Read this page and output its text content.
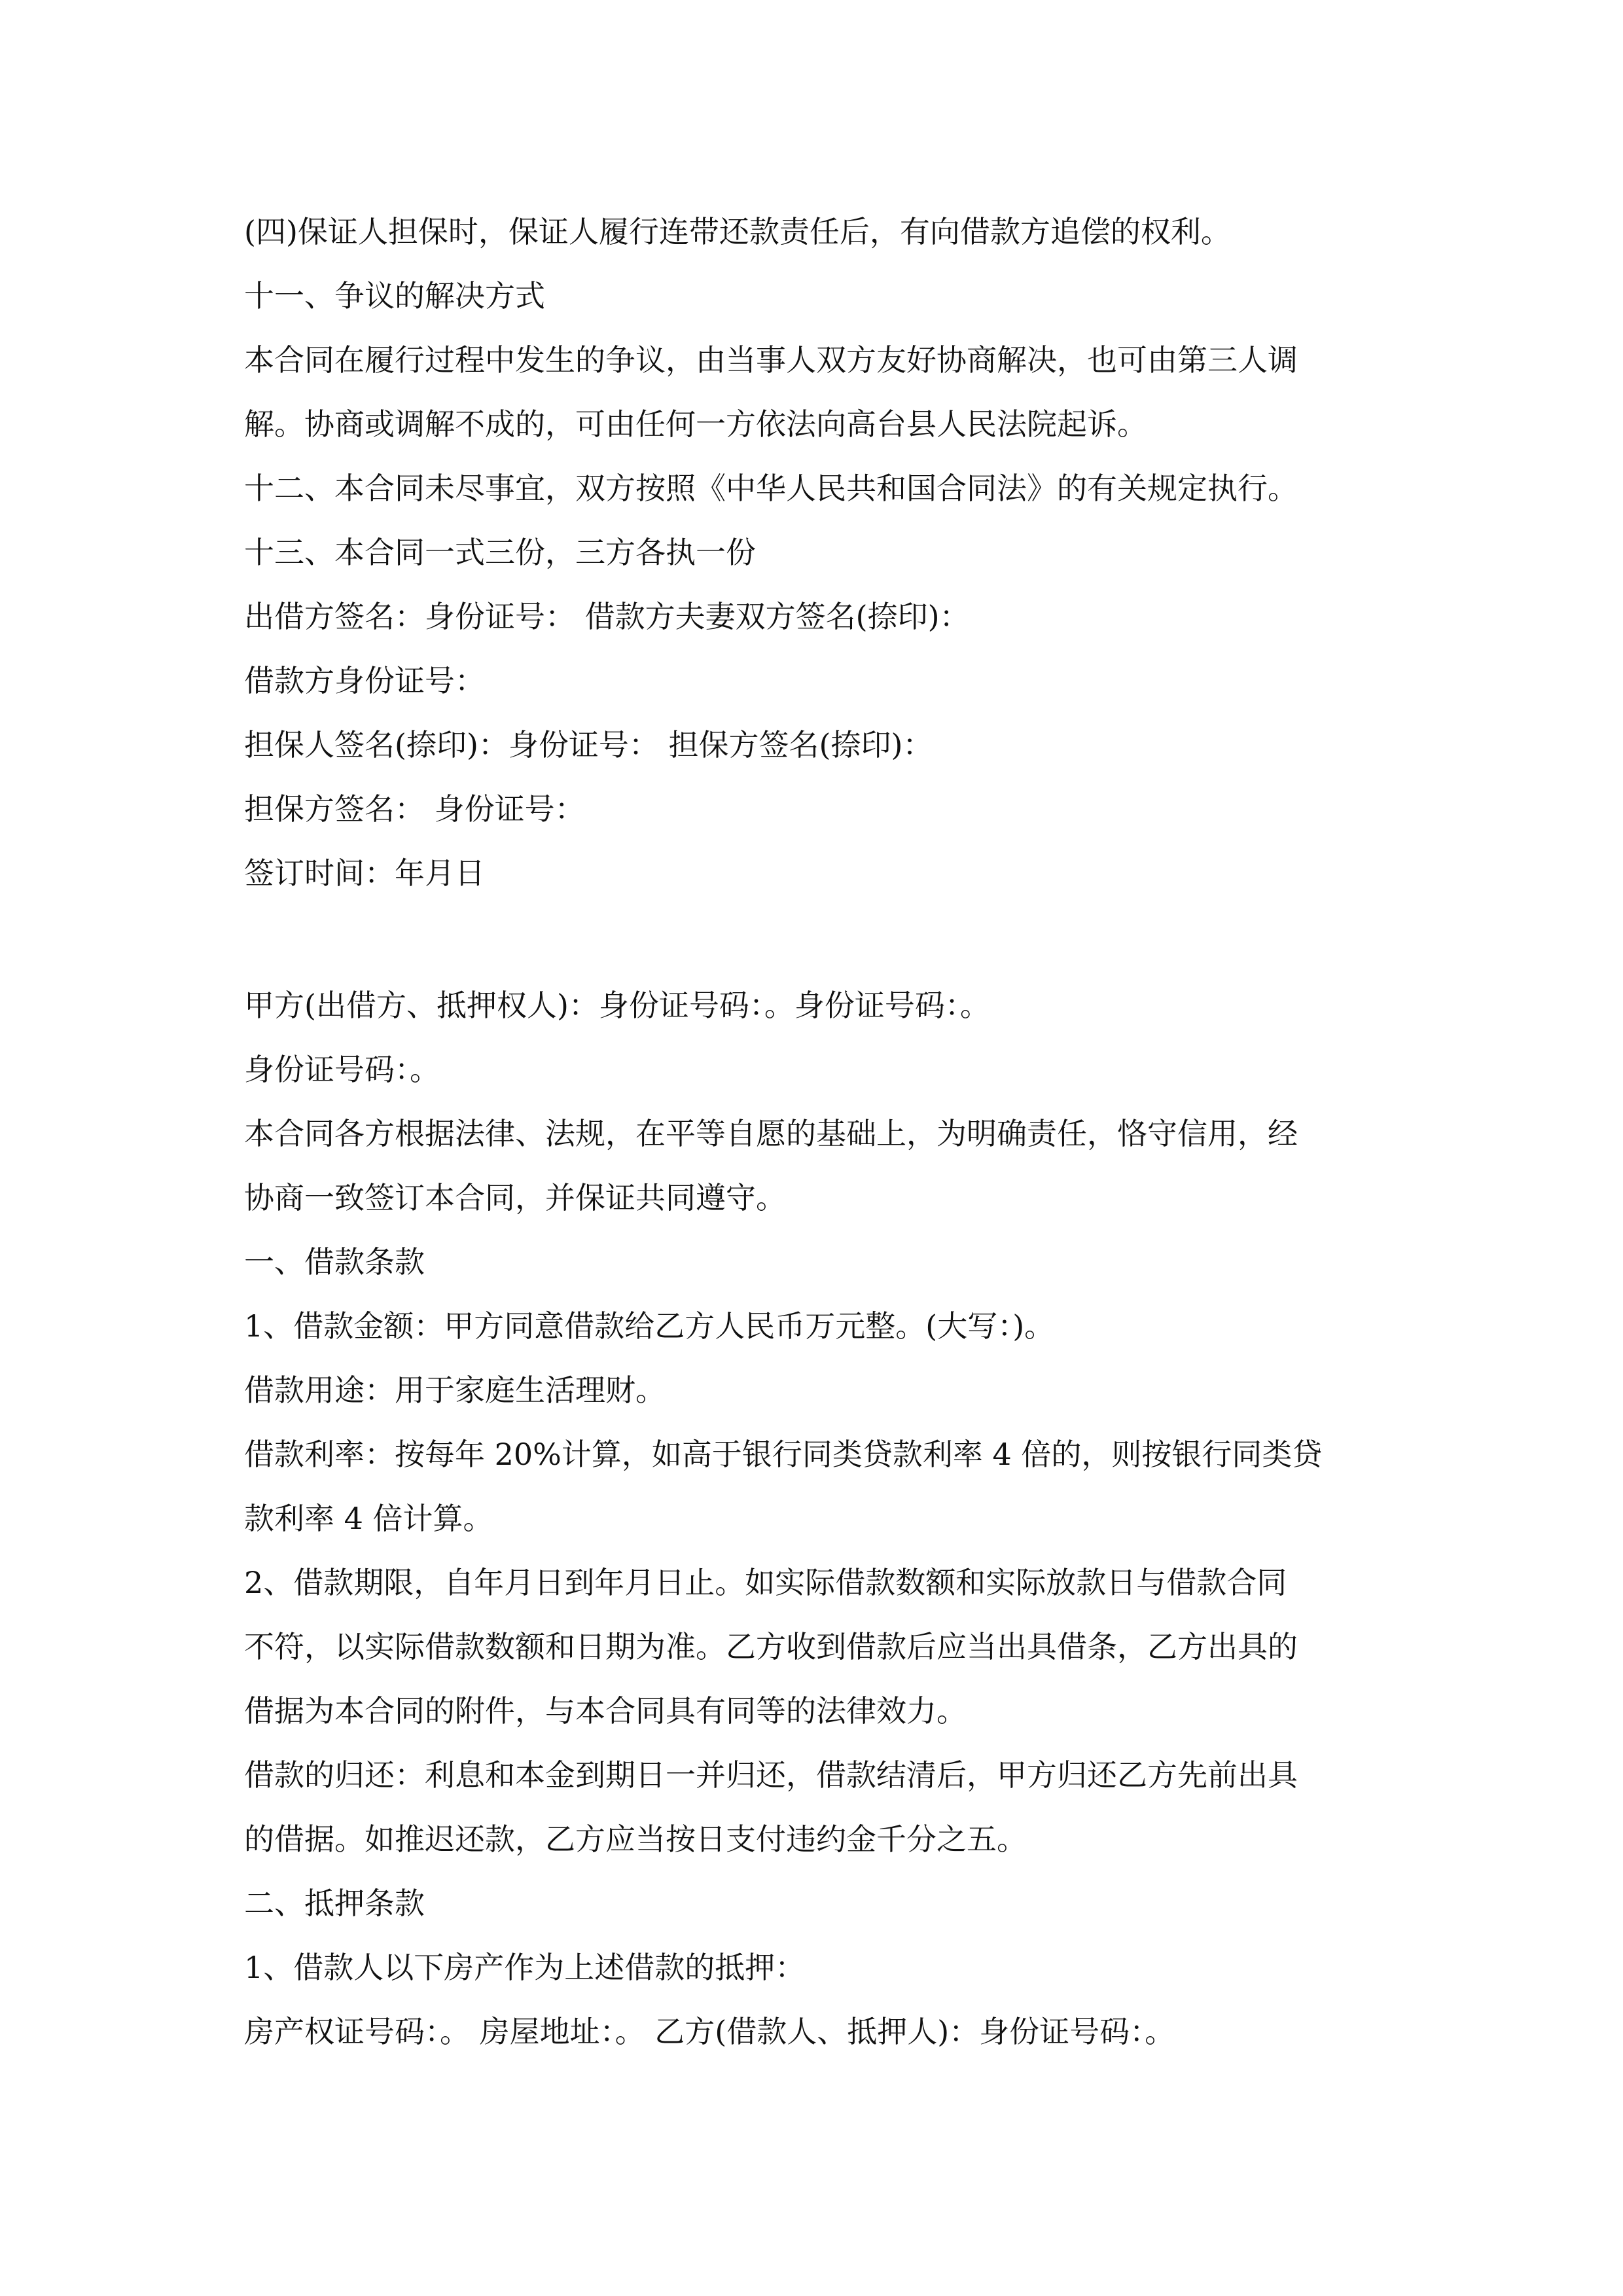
(四)保证人担保时，保证人履行连带还款责任后，有向借款方追偿的权利。

十一、争议的解决方式

本合同在履行过程中发生的争议，由当事人双方友好协商解决，也可由第三人调

解。协商或调解不成的，可由任何一方依法向高台县人民法院起诉。

十二、本合同未尽事宜，双方按照《中华人民共和国合同法》的有关规定执行。

十三、本合同一式三份，三方各执一份

出借方签名：身份证号： 借款方夫妻双方签名(捺印)：

借款方身份证号：

担保人签名(捺印)：身份证号： 担保方签名(捺印)：

担保方签名： 身份证号：

签订时间：年月日

甲方(出借方、抵押权人)：身份证号码：。身份证号码：。

身份证号码：。

本合同各方根据法律、法规，在平等自愿的基础上，为明确责任，恪守信用，经

协商一致签订本合同，并保证共同遵守。

一、借款条款

1、借款金额：甲方同意借款给乙方人民币万元整。(大写：)。

借款用途：用于家庭生活理财。

借款利率：按每年 20%计算，如高于银行同类贷款利率 4 倍的，则按银行同类贷

款利率 4 倍计算。

2、借款期限，自年月日到年月日止。如实际借款数额和实际放款日与借款合同

不符，以实际借款数额和日期为准。乙方收到借款后应当出具借条，乙方出具的

借据为本合同的附件，与本合同具有同等的法律效力。

借款的归还：利息和本金到期日一并归还，借款结清后，甲方归还乙方先前出具

的借据。如推迟还款，乙方应当按日支付违约金千分之五。

二、抵押条款

1、借款人以下房产作为上述借款的抵押：

房产权证号码：。 房屋地址：。 乙方(借款人、抵押人)：身份证号码：。
